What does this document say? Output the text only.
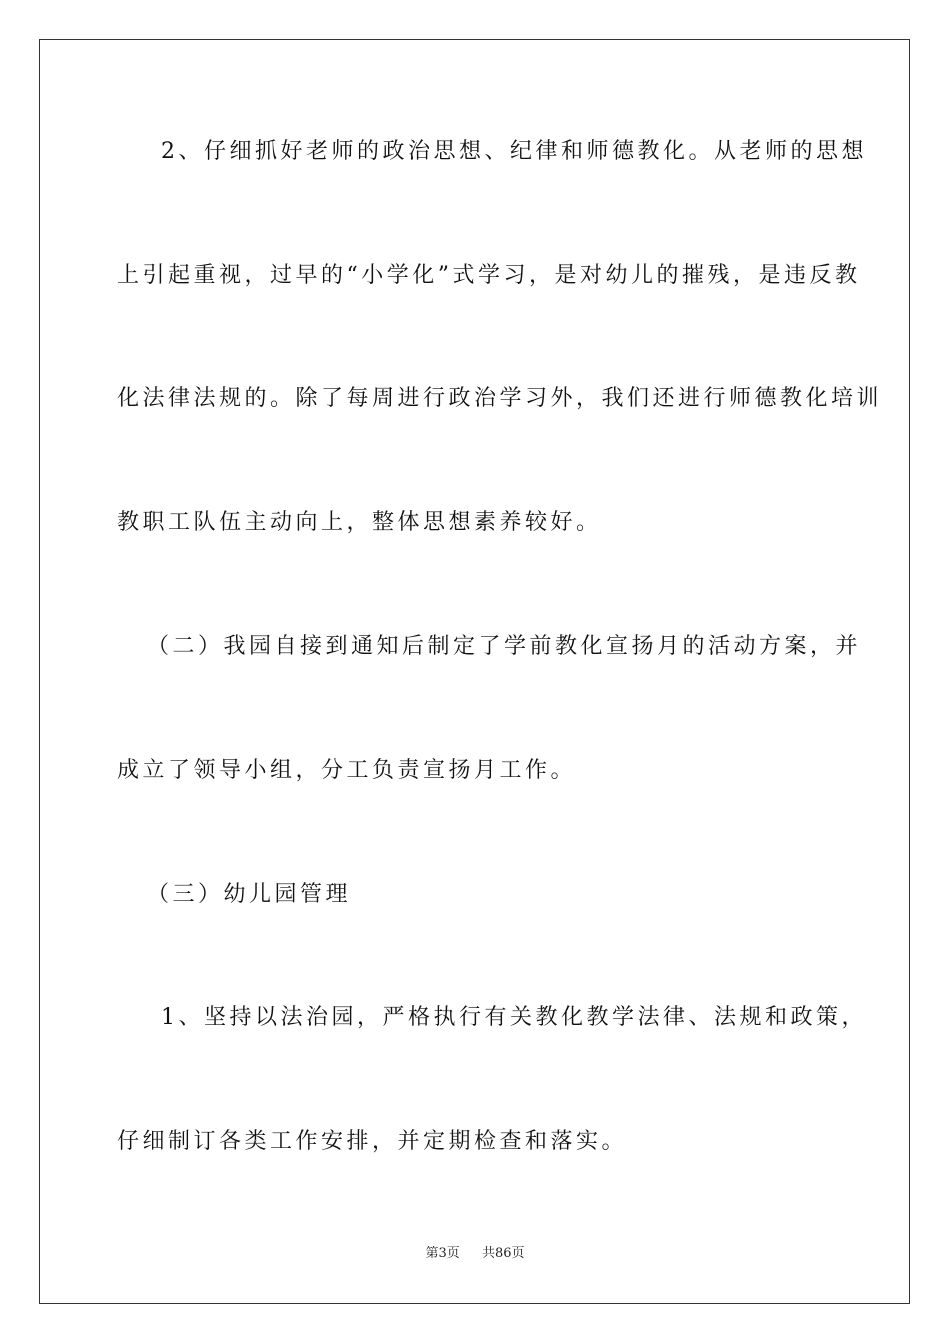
2、仔细抓好老师的政治思想、纪律和师德教化。从老师的思想

上引起重视，过早的“小学化”式学习，是对幼儿的摧残，是违反教

化法律法规的。除了每周进行政治学习外，我们还进行师德教化培训

教职工队伍主动向上，整体思想素养较好。

（二）我园自接到通知后制定了学前教化宣扬月的活动方案，并

成立了领导小组，分工负责宣扬月工作。

（三）幼儿园管理

1、坚持以法治园，严格执行有关教化教学法律、法规和政策，

仔细制订各类工作安排，并定期检查和落实。

第3页 共86页
